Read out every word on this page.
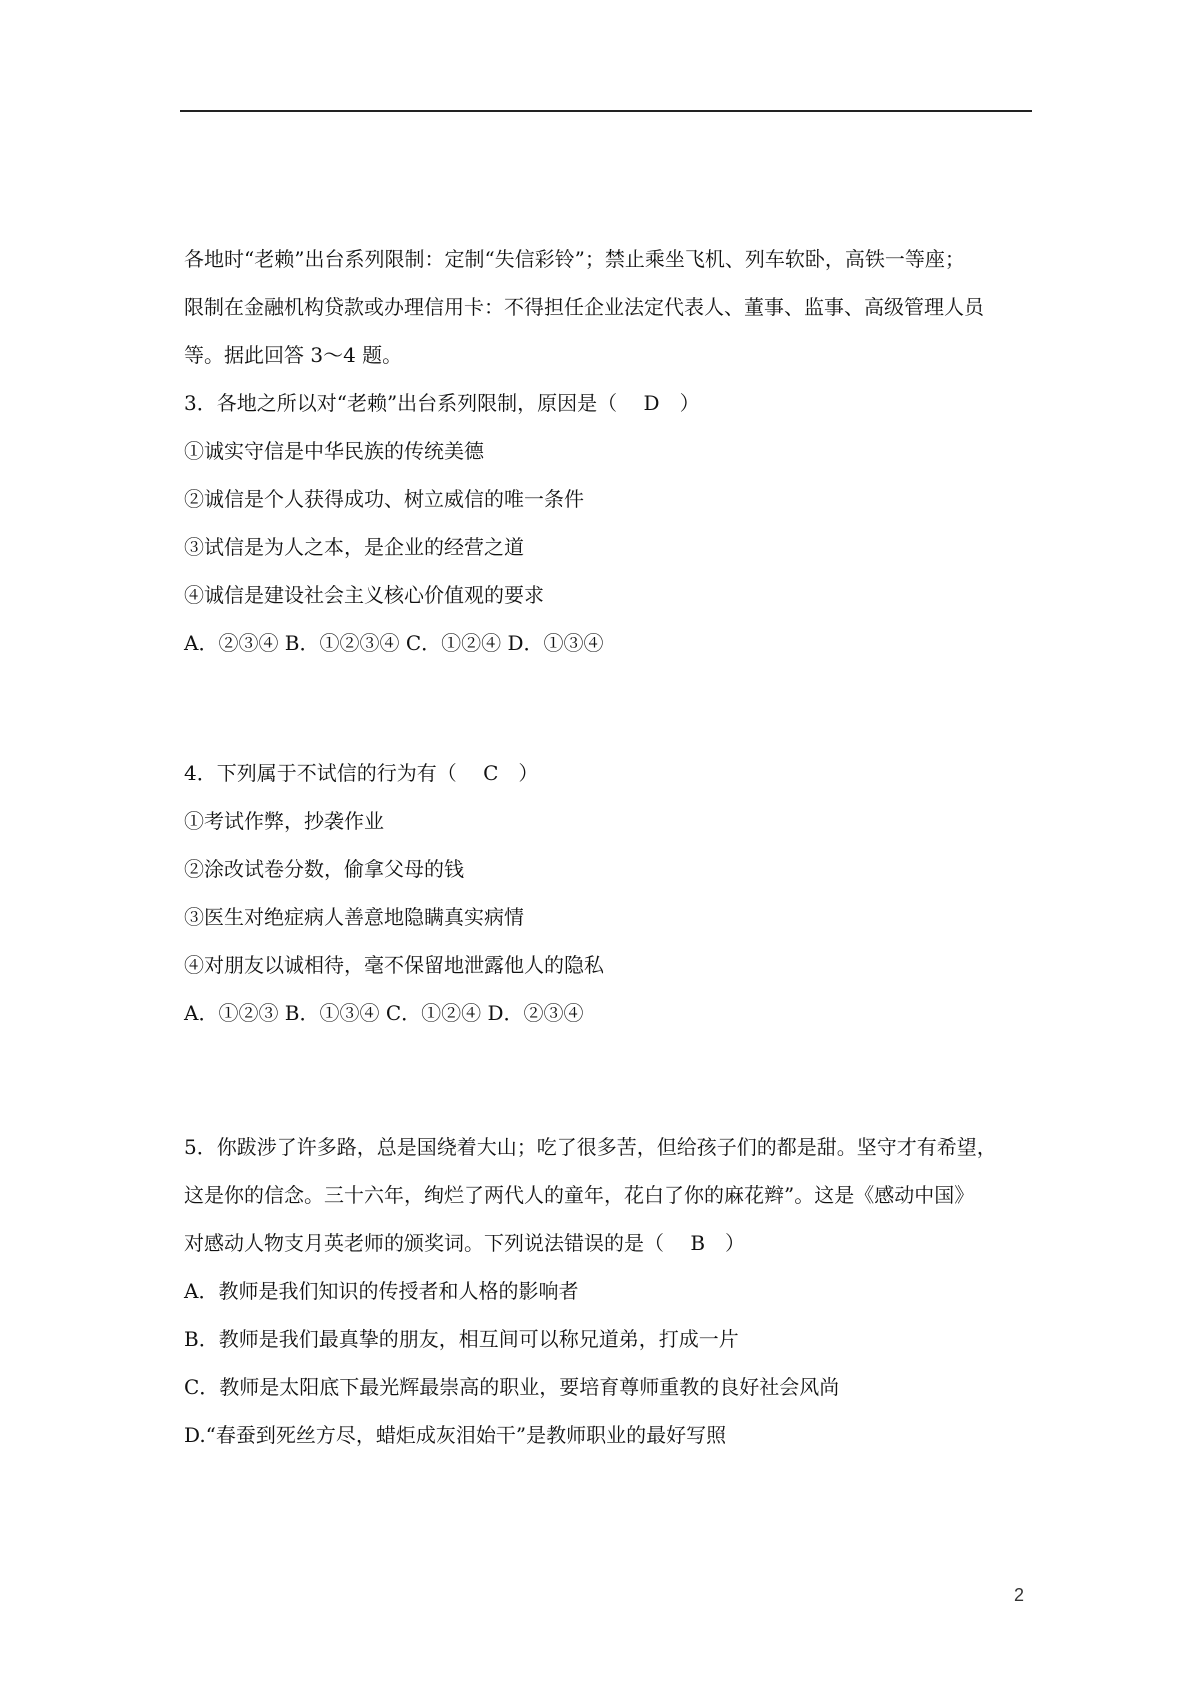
各地时“老赖”出台系列限制：定制“失信彩铃”；禁止乘坐飞机、列车软卧，高铁一等座；
限制在金融机构贷款或办理信用卡：不得担任企业法定代表人、董事、监事、高级管理人员
等。据此回答 3～4 题。
3．各地之所以对“老赖”出台系列限制，原因是（　 D　）
①诚实守信是中华民族的传统美德
②诚信是个人获得成功、树立威信的唯一条件
③试信是为人之本，是企业的经营之道
④诚信是建设社会主义核心价值观的要求
A．②③④ B．①②③④ C．①②④ D．①③④
4．下列属于不试信的行为有（　 C　）
①考试作弊，抄袭作业
②涂改试卷分数，偷拿父母的钱
③医生对绝症病人善意地隐瞒真实病情
④对朋友以诚相待，毫不保留地泄露他人的隐私
A．①②③ B．①③④ C．①②④ D．②③④
5．你跋涉了许多路，总是国绕着大山；吃了很多苦，但给孩子们的都是甜。坚守才有希望，
这是你的信念。三十六年，绚烂了两代人的童年，花白了你的麻花辫”。这是《感动中国》
对感动人物支月英老师的颁奖词。下列说法错误的是（　 B　）
A．教师是我们知识的传授者和人格的影响者
B．教师是我们最真挚的朋友，相互间可以称兄道弟，打成一片
C．教师是太阳底下最光辉最崇高的职业，要培育尊师重教的良好社会风尚
D.“春蚕到死丝方尽，蜡炬成灰泪始干”是教师职业的最好写照
2
